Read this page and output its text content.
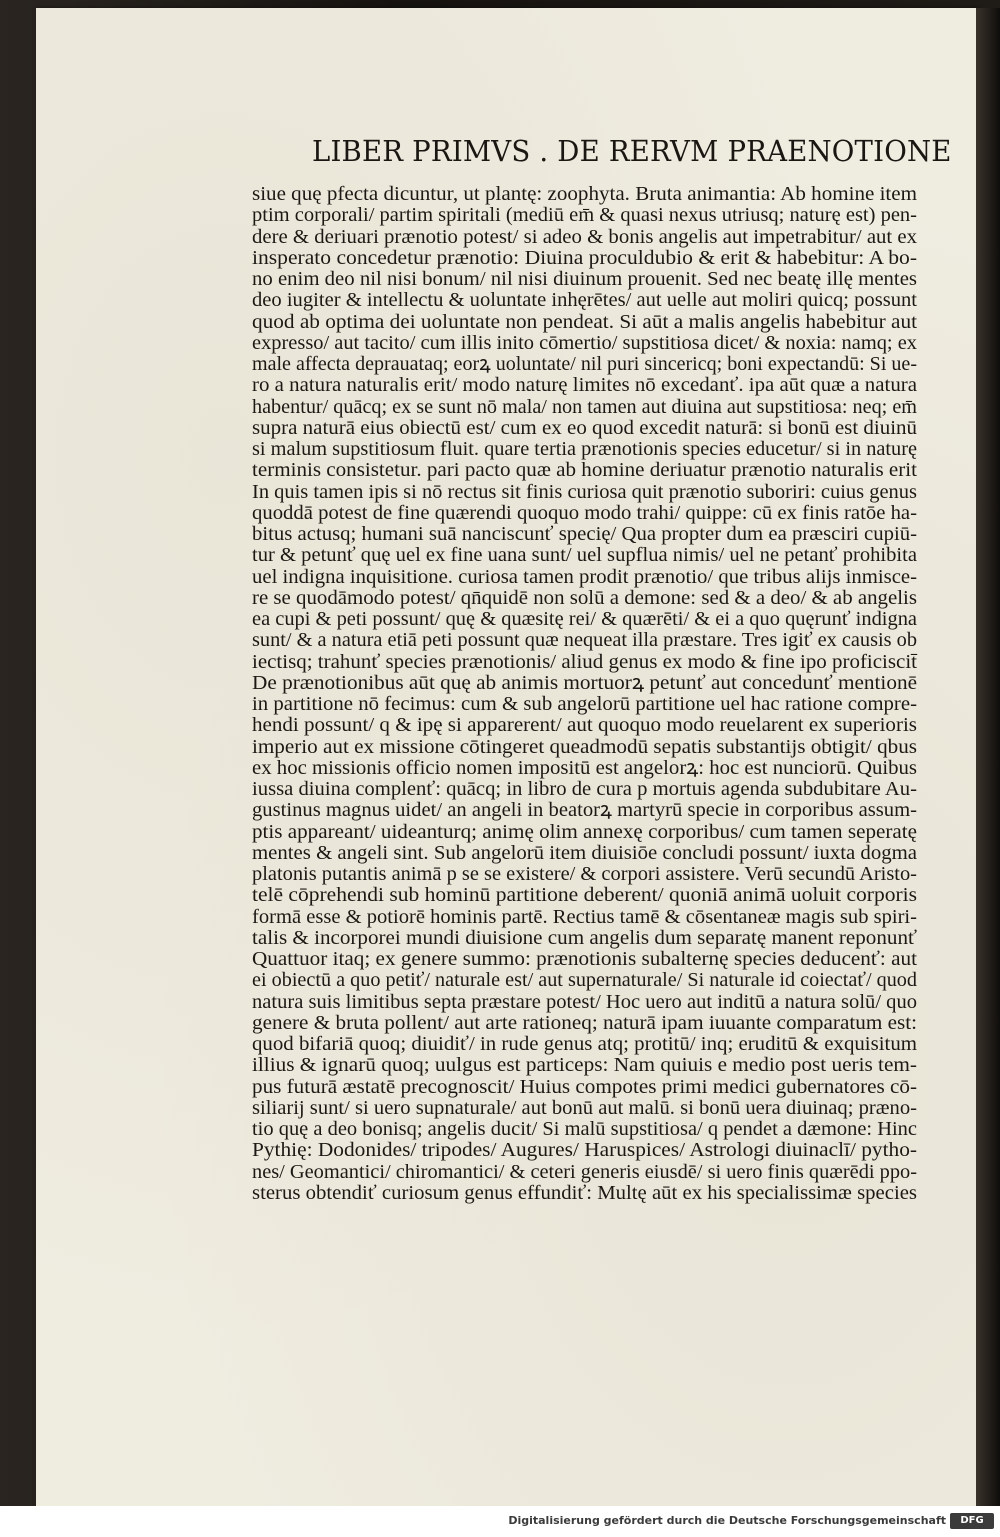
LIBER PRIMVS . DE RERVM PRAENOTIONE
siue quę pfecta dicuntur, ut plantę: zoophyta. Bruta animantia: Ab homine item
ptim corporali/ partim spiritali (mediū em̄ & quasi nexus utriusq; naturę est) pen-
dere & deriuari prænotio potest/ si adeo & bonis angelis aut impetrabitur/ aut ex
insperato concedetur prænotio: Diuina proculdubio & erit & habebitur: A bo-
no enim deo nil nisi bonum/ nil nisi diuinum prouenit. Sed nec beatę illę mentes
deo iugiter & intellectu & uoluntate inhęrētes/ aut uelle aut moliri quicq; possunt
quod ab optima dei uoluntate non pendeat. Si aūt a malis angelis habebitur aut
expresso/ aut tacito/ cum illis inito cōmertio/ supstitiosa dicet/ & noxia: namq; ex
male affecta deprauataq; eorꝝ uoluntate/ nil puri sincericq; boni expectandū: Si ue-
ro a natura naturalis erit/ modo naturę limites nō excedanť. ipa aūt quæ a natura
habentur/ quācq; ex se sunt nō mala/ non tamen aut diuina aut supstitiosa: neq; em̄
supra naturā eius obiectū est/ cum ex eo quod excedit naturā: si bonū est diuinū
si malum supstitiosum fluit. quare tertia prænotionis species educetur/ si in naturę
terminis consistetur. pari pacto quæ ab homine deriuatur prænotio naturalis erit
In quis tamen ipis si nō rectus sit finis curiosa quit prænotio suboriri: cuius genus
quoddā potest de fine quærendi quoquo modo trahi/ quippe: cū ex finis ratōe ha-
bitus actusq; humani suā nanciscunť specię/ Qua propter dum ea præsciri cupiū-
tur & petunť quę uel ex fine uana sunt/ uel supflua nimis/ uel ne petanť prohibita
uel indigna inquisitione. curiosa tamen prodit prænotio/ que tribus alijs inmisce-
re se quodāmodo potest/ qn̄quidē non solū a demone: sed & a deo/ & ab angelis
ea cupi & peti possunt/ quę & quæsitę rei/ & quærēti/ & ei a quo quęrunť indigna
sunt/ & a natura etiā peti possunt quæ nequeat illa præstare. Tres igiť ex causis ob
iectisq; trahunť species prænotionis/ aliud genus ex modo & fine ipo proficiscit̄
De prænotionibus aūt quę ab animis mortuorꝝ petunť aut concedunť mentionē
in partitione nō fecimus: cum & sub angelorū partitione uel hac ratione compre-
hendi possunt/ q & ipę si apparerent/ aut quoquo modo reuelarent ex superioris
imperio aut ex missione cōtingeret queadmodū sepatis substantijs obtigit/ qbus
ex hoc missionis officio nomen impositū est angelorꝝ: hoc est nunciorū. Quibus
iussa diuina complenť: quācq; in libro de cura p mortuis agenda subdubitare Au-
gustinus magnus uidet/ an angeli in beatorꝝ martyrū specie in corporibus assum-
ptis appareant/ uideanturq; animę olim annexę corporibus/ cum tamen seperatę
mentes & angeli sint. Sub angelorū item diuisiōe concludi possunt/ iuxta dogma
platonis putantis animā p se se existere/ & corpori assistere. Verū secundū Aristo-
telē cōprehendi sub hominū partitione deberent/ quoniā animā uoluit corporis
formā esse & potiorē hominis partē. Rectius tamē & cōsentaneæ magis sub spiri-
talis & incorporei mundi diuisione cum angelis dum separatę manent reponunť
Quattuor itaq; ex genere summo: prænotionis subalternę species deducenť: aut
ei obiectū a quo petiť/ naturale est/ aut supernaturale/ Si naturale id coiectať/ quod
natura suis limitibus septa præstare potest/ Hoc uero aut inditū a natura solū/ quo
genere & bruta pollent/ aut arte rationeq; naturā ipam iuuante comparatum est:
quod bifariā quoq; diuidiť/ in rude genus atq; protitū/ inq; eruditū & exquisitum
illius & ignarū quoq; uulgus est particeps: Nam quiuis e medio post ueris tem-
pus futurā æstatē precognoscit/ Huius compotes primi medici gubernatores cō-
siliarij sunt/ si uero supnaturale/ aut bonū aut malū. si bonū uera diuinaq; præno-
tio quę a deo bonisq; angelis ducit/ Si malū supstitiosa/ q pendet a dæmone: Hinc
Pythię: Dodonides/ tripodes/ Augures/ Haruspices/ Astrologi diuinaclī/ pytho-
nes/ Geomantici/ chiromantici/ & ceteri generis eiusdē/ si uero finis quærēdi ppo-
sterus obtendiť curiosum genus effundiť: Multę aūt ex his specialissimæ species
Digitalisierung gefördert durch die Deutsche Forschungsgemeinschaft	DFG
